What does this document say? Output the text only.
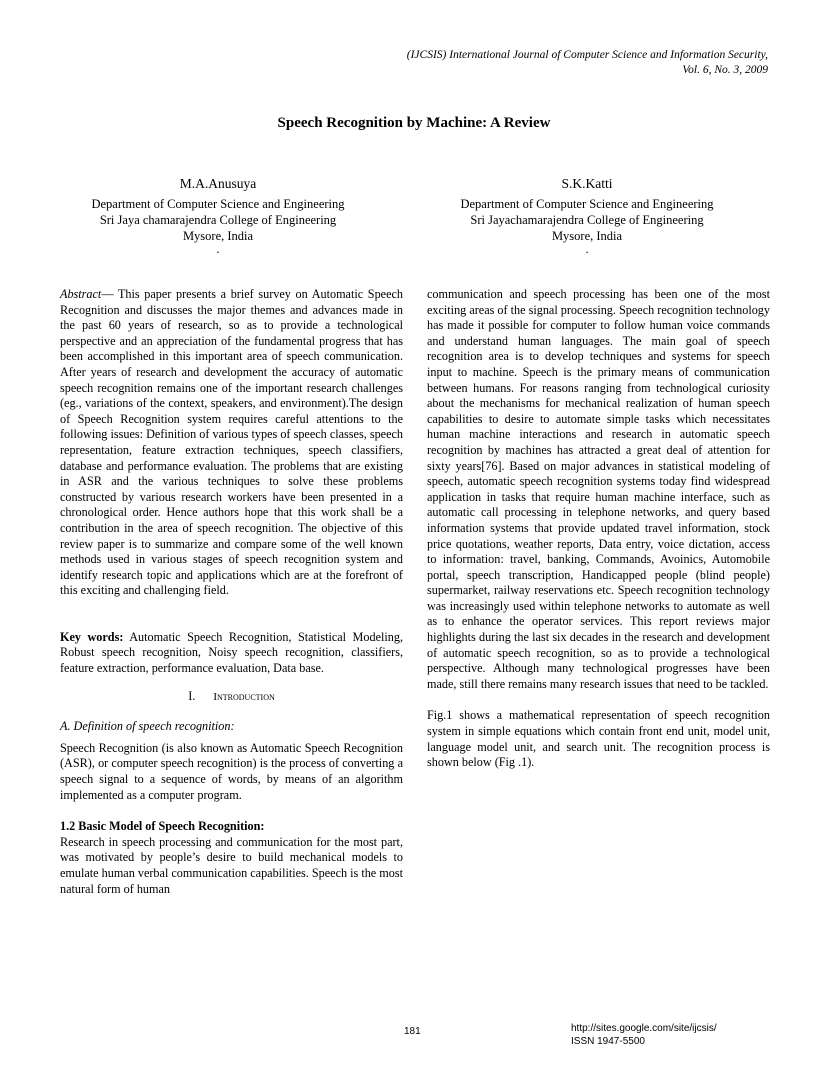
(IJCSIS) International Journal of Computer Science and Information Security,
Vol. 6, No. 3, 2009
Speech Recognition by Machine: A Review
M.A.Anusuya
Department of Computer Science and Engineering
Sri Jaya chamarajendra College of Engineering
Mysore, India
.
S.K.Katti
Department of Computer Science and Engineering
Sri Jayachamarajendra College of Engineering
Mysore, India
.

Abstract— This paper presents a brief survey on Automatic Speech Recognition and discusses the major themes and advances made in the past 60 years of research, so as to provide a technological perspective and an appreciation of the fundamental progress that has been accomplished in this important area of speech communication. After years of research and development the accuracy of automatic speech recognition remains one of the important research challenges (eg., variations of the context, speakers, and environment).The design of Speech Recognition system requires careful attentions to the following issues: Definition of various types of speech classes, speech representation, feature extraction techniques, speech classifiers, database and performance evaluation. The problems that are existing in ASR and the various techniques to solve these problems constructed by various research workers have been presented in a chronological order. Hence authors hope that this work shall be a contribution in the area of speech recognition. The objective of this review paper is to summarize and compare some of the well known methods used in various stages of speech recognition system and identify research topic and applications which are at the forefront of this exciting and challenging field.

Key words: Automatic Speech Recognition, Statistical Modeling, Robust speech recognition, Noisy speech recognition, classifiers, feature extraction, performance evaluation, Data base.

I. Introduction

A. Definition of speech recognition:

Speech Recognition (is also known as Automatic Speech Recognition (ASR), or computer speech recognition) is the process of converting a speech signal to a sequence of words, by means of an algorithm implemented as a computer program.

1.2 Basic Model of Speech Recognition:

Research in speech processing and communication for the most part, was motivated by people’s desire to build mechanical models to emulate human verbal communication capabilities. Speech is the most natural form of human

communication and speech processing has been one of the most exciting areas of the signal processing. Speech recognition technology has made it possible for computer to follow human voice commands and understand human languages. The main goal of speech recognition area is to develop techniques and systems for speech input to machine. Speech is the primary means of communication between humans. For reasons ranging from technological curiosity about the mechanisms for mechanical realization of human speech capabilities to desire to automate simple tasks which necessitates human machine interactions and research in automatic speech recognition by machines has attracted a great deal of attention for sixty years[76]. Based on major advances in statistical modeling of speech, automatic speech recognition systems today find widespread application in tasks that require human machine interface, such as automatic call processing in telephone networks, and query based information systems that provide updated travel information, stock price quotations, weather reports, Data entry, voice dictation, access to information: travel, banking, Commands, Avoinics, Automobile portal, speech transcription, Handicapped people (blind people) supermarket, railway reservations etc. Speech recognition technology was increasingly used within telephone networks to automate as well as to enhance the operator services. This report reviews major highlights during the last six decades in the research and development of automatic speech recognition, so as to provide a technological perspective. Although many technological progresses have been made, still there remains many research issues that need to be tackled.

Fig.1 shows a mathematical representation of speech recognition system in simple equations which contain front end unit, model unit, language model unit, and search unit. The recognition process is shown below (Fig .1).

181	http://sites.google.com/site/ijcsis/
ISSN 1947-5500
